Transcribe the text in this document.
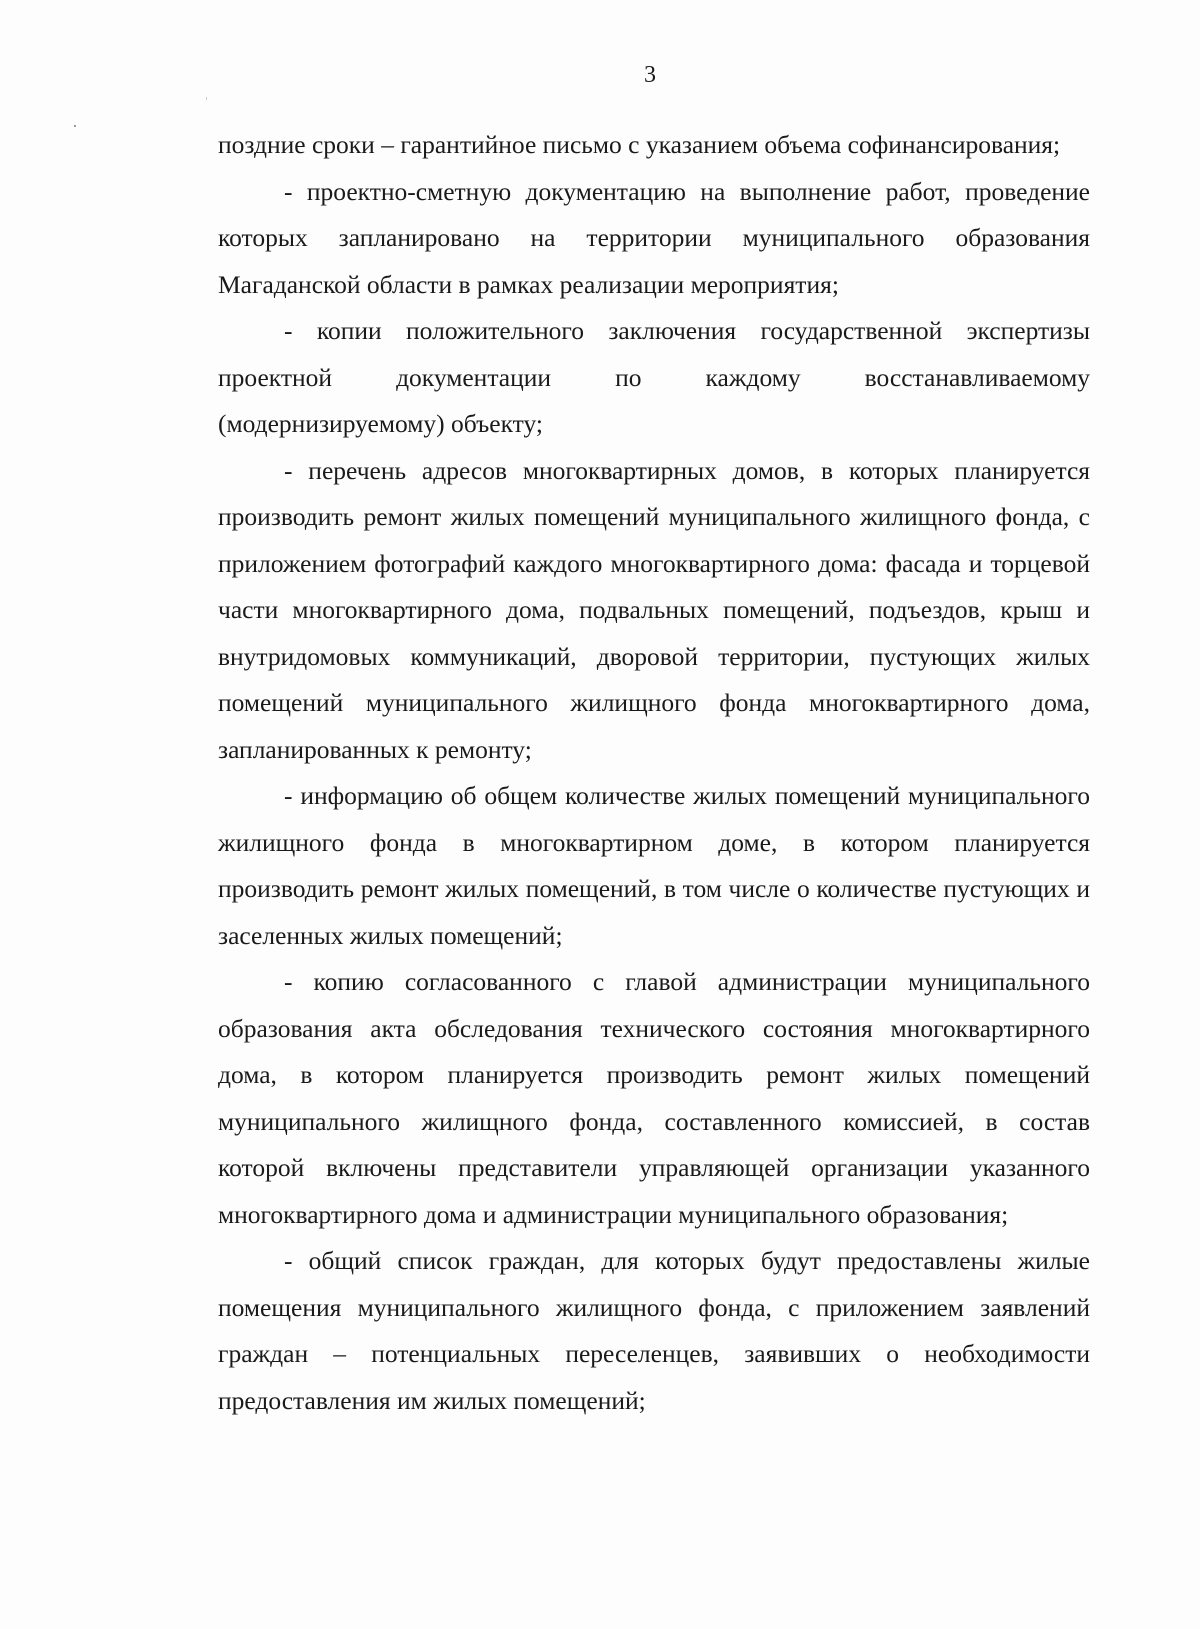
3

поздние сроки – гарантийное письмо с указанием объема софинансирования;

- проектно-сметную документацию на выполнение работ, проведение которых запланировано на территории муниципального образования Магаданской области в рамках реализации мероприятия;

- копии положительного заключения государственной экспертизы проектной документации по каждому восстанавливаемому (модернизируемому) объекту;

- перечень адресов многоквартирных домов, в которых планируется производить ремонт жилых помещений муниципального жилищного фонда, с приложением фотографий каждого многоквартирного дома: фасада и торцевой части многоквартирного дома, подвальных помещений, подъездов, крыш и внутридомовых коммуникаций, дворовой территории, пустующих жилых помещений муниципального жилищного фонда многоквартирного дома, запланированных к ремонту;

- информацию об общем количестве жилых помещений муниципального жилищного фонда в многоквартирном доме, в котором планируется производить ремонт жилых помещений, в том числе о количестве пустующих и заселенных жилых помещений;

- копию согласованного с главой администрации муниципального образования акта обследования технического состояния многоквартирного дома, в котором планируется производить ремонт жилых помещений муниципального жилищного фонда, составленного комиссией, в состав которой включены представители управляющей организации указанного многоквартирного дома и администрации муниципального образования;

- общий список граждан, для которых будут предоставлены жилые помещения муниципального жилищного фонда, с приложением заявлений граждан – потенциальных переселенцев, заявивших о необходимости предоставления им жилых помещений;
